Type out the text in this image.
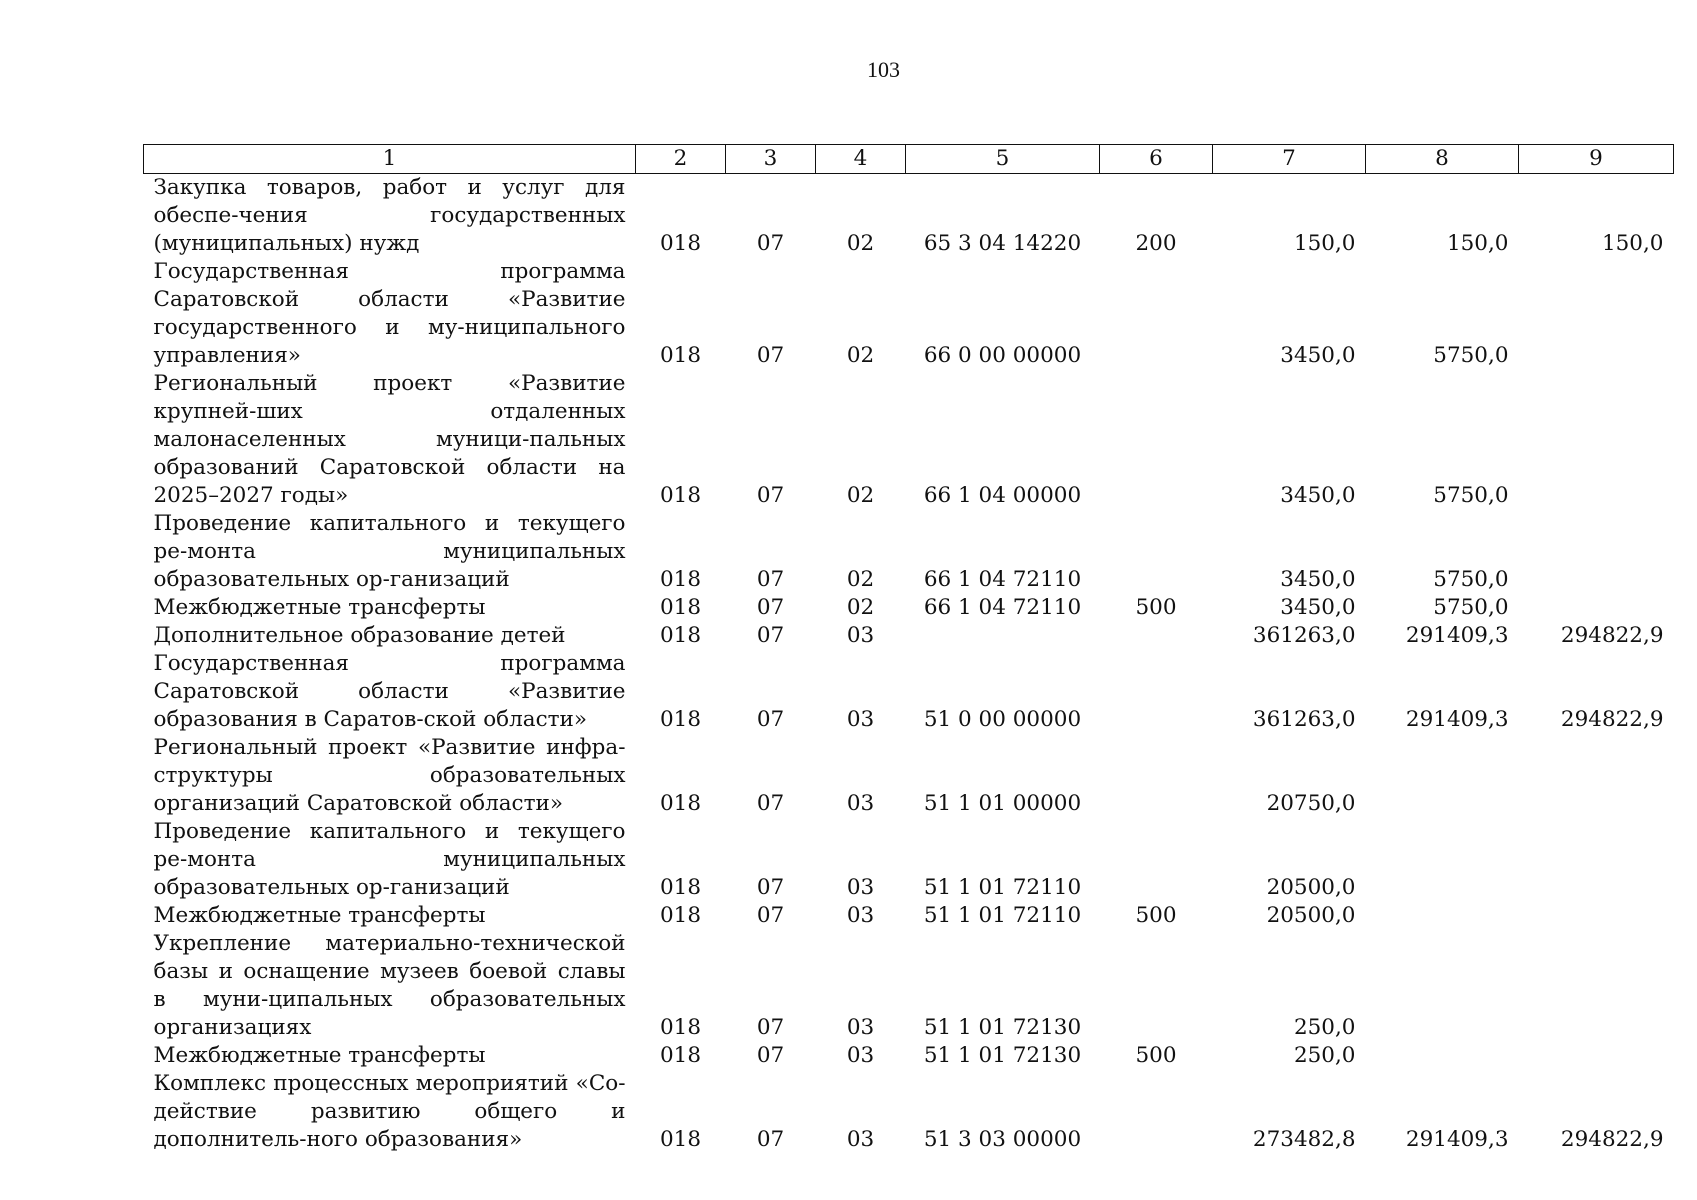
103
1	2	3	4	5	6	7	8	9
Закупка товаров, работ и услуг для обеспе-чения государственных (муниципальных) нужд	018	07	02	65 3 04 14220	200	150,0	150,0	150,0
Государственная программа Саратовской области «Развитие государственного и му-ниципального управления»	018	07	02	66 0 00 00000		3450,0	5750,0	
Региональный проект «Развитие крупней-ших отдаленных малонаселенных муници-пальных образований Саратовской области на 2025–2027 годы»	018	07	02	66 1 04 00000		3450,0	5750,0	
Проведение капитального и текущего ре-монта муниципальных образовательных ор-ганизаций	018	07	02	66 1 04 72110		3450,0	5750,0	
Межбюджетные трансферты	018	07	02	66 1 04 72110	500	3450,0	5750,0	
Дополнительное образование детей	018	07	03			361263,0	291409,3	294822,9
Государственная программа Саратовской области «Развитие образования в Саратов-ской области»	018	07	03	51 0 00 00000		361263,0	291409,3	294822,9
Региональный проект «Развитие инфра-структуры образовательных организаций Саратовской области»	018	07	03	51 1 01 00000		20750,0		
Проведение капитального и текущего ре-монта муниципальных образовательных ор-ганизаций	018	07	03	51 1 01 72110		20500,0		
Межбюджетные трансферты	018	07	03	51 1 01 72110	500	20500,0		
Укрепление материально-технической базы и оснащение музеев боевой славы в муни-ципальных образовательных организациях	018	07	03	51 1 01 72130		250,0		
Межбюджетные трансферты	018	07	03	51 1 01 72130	500	250,0		
Комплекс процессных мероприятий «Со-действие развитию общего и дополнитель-ного образования»	018	07	03	51 3 03 00000		273482,8	291409,3	294822,9
